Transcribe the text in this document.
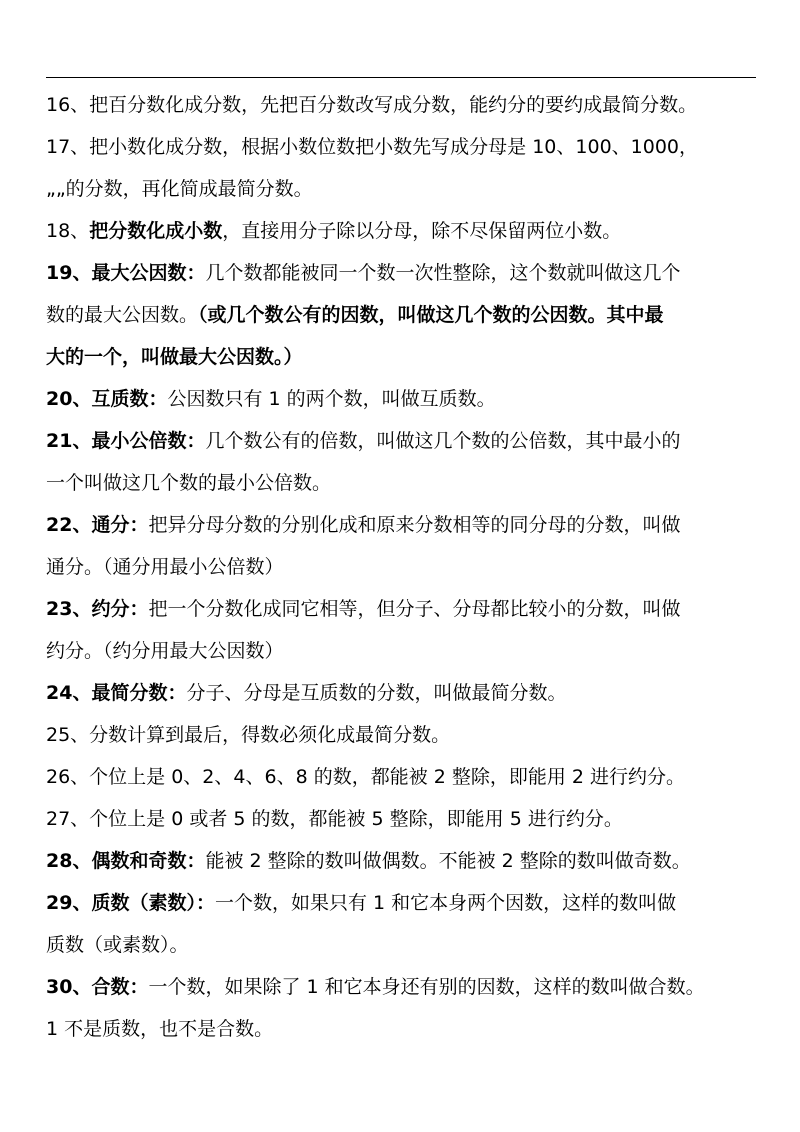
16、把百分数化成分数，先把百分数改写成分数，能约分的要约成最简分数。

17、把小数化成分数，根据小数位数把小数先写成分母是 10、100、1000，
„„的分数，再化简成最简分数。

18、把分数化成小数，直接用分子除以分母，除不尽保留两位小数。

19、最大公因数：几个数都能被同一个数一次性整除，这个数就叫做这几个
数的最大公因数。（或几个数公有的因数，叫做这几个数的公因数。其中最
大的一个，叫做最大公因数。）

20、互质数：公因数只有 1 的两个数，叫做互质数。

21、最小公倍数：几个数公有的倍数，叫做这几个数的公倍数，其中最小的
一个叫做这几个数的最小公倍数。

22、通分：把异分母分数的分别化成和原来分数相等的同分母的分数，叫做
通分。（通分用最小公倍数）

23、约分：把一个分数化成同它相等，但分子、分母都比较小的分数，叫做
约分。（约分用最大公因数）

24、最简分数：分子、分母是互质数的分数，叫做最简分数。

25、分数计算到最后，得数必须化成最简分数。

26、个位上是 0、2、4、6、8 的数，都能被 2 整除，即能用 2 进行约分。

27、个位上是 0 或者 5 的数，都能被 5 整除，即能用 5 进行约分。

28、偶数和奇数：能被 2 整除的数叫做偶数。不能被 2 整除的数叫做奇数。

29、质数（素数）：一个数，如果只有 1 和它本身两个因数，这样的数叫做
质数（或素数）。

30、合数：一个数，如果除了 1 和它本身还有别的因数，这样的数叫做合数。
1 不是质数，也不是合数。
